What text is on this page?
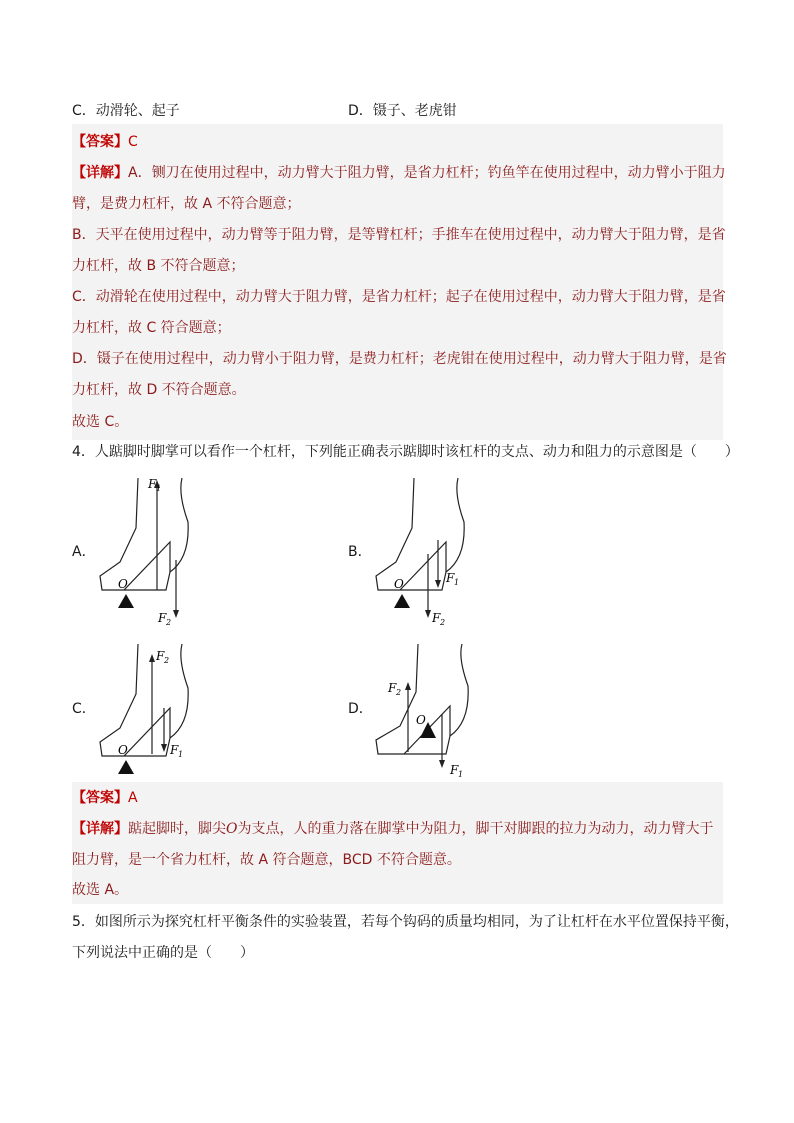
C．动滑轮、起子	D．镊子、老虎钳
【答案】C
【详解】A．铡刀在使用过程中，动力臂大于阻力臂，是省力杠杆；钓鱼竿在使用过程中，动力臂小于阻力
臂，是费力杠杆，故 A 不符合题意；
B．天平在使用过程中，动力臂等于阻力臂，是等臂杠杆；手推车在使用过程中，动力臂大于阻力臂，是省
力杠杆，故 B 不符合题意；
C．动滑轮在使用过程中，动力臂大于阻力臂，是省力杠杆；起子在使用过程中，动力臂大于阻力臂，是省
力杠杆，故 C 符合题意；
D．镊子在使用过程中，动力臂小于阻力臂，是费力杠杆；老虎钳在使用过程中，动力臂大于阻力臂，是省
力杠杆，故 D 不符合题意。
故选 C。
4．人踮脚时脚掌可以看作一个杠杆，下列能正确表示踮脚时该杠杆的支点、动力和阻力的示意图是（　　）
A．
O
F 1
F 2
B．
O	F 1
F 2
C．
O
F 2
F 1
D．
O
F 2
F 1
【答案】A
【详解】踮起脚时，脚尖O为支点，人的重力落在脚掌中为阻力，脚干对脚跟的拉力为动力，动力臂大于
阻力臂，是一个省力杠杆，故 A 符合题意，BCD 不符合题意。
故选 A。
5．如图所示为探究杠杆平衡条件的实验装置，若每个钩码的质量均相同，为了让杠杆在水平位置保持平衡，
下列说法中正确的是（　　）
